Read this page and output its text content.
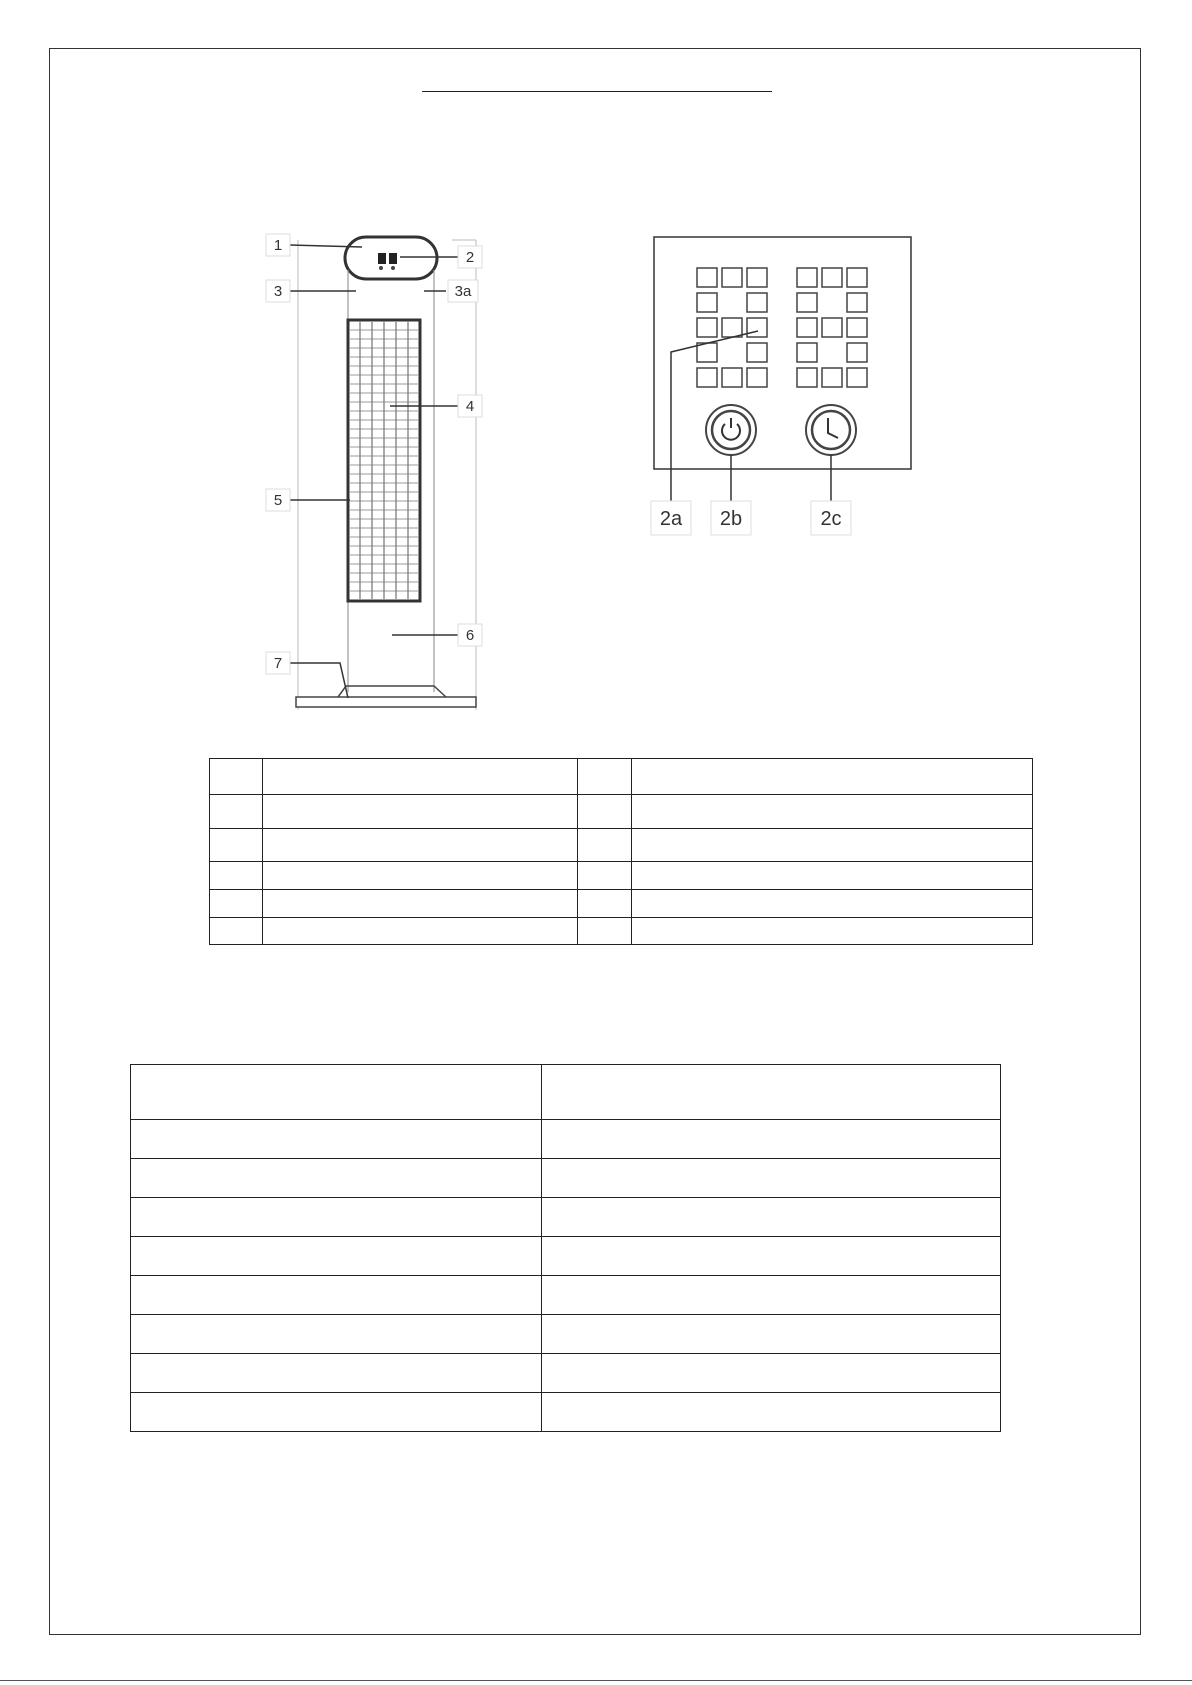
1
2
3	3a
4
5
6
7
2a 2b	2c
